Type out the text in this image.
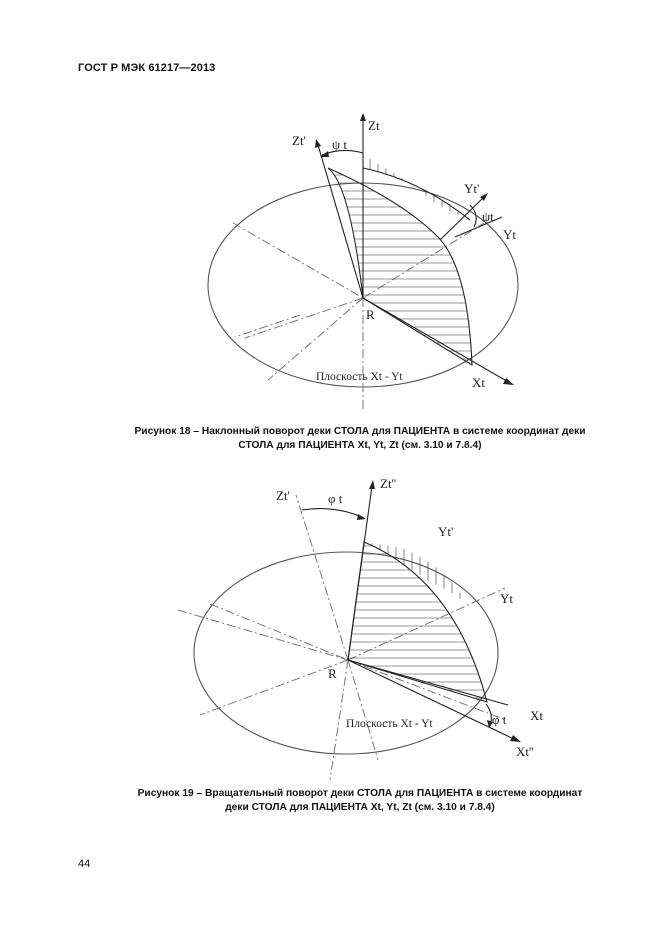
ГОСТ Р МЭК 61217—2013
Zt
Zt' ψ t
Yt'
ψt
Yt
R
Xt
Плоскость Xt - Yt
Рисунок 18 – Наклонный поворот деки СТОЛА для ПАЦИЕНТА в системе координат деки
СТОЛА для ПАЦИЕНТА Xt, Yt, Zt (см. 3.10 и 7.8.4)
Zt'	φ t
Zt''
Yt'
Yt
R
Xt
φ t
Xt''
Плоскость Xt - Yt
Рисунок 19 – Вращательный поворот деки СТОЛА для ПАЦИЕНТА в системе координат
деки СТОЛА для ПАЦИЕНТА Xt, Yt, Zt (см. 3.10 и 7.8.4)
44
